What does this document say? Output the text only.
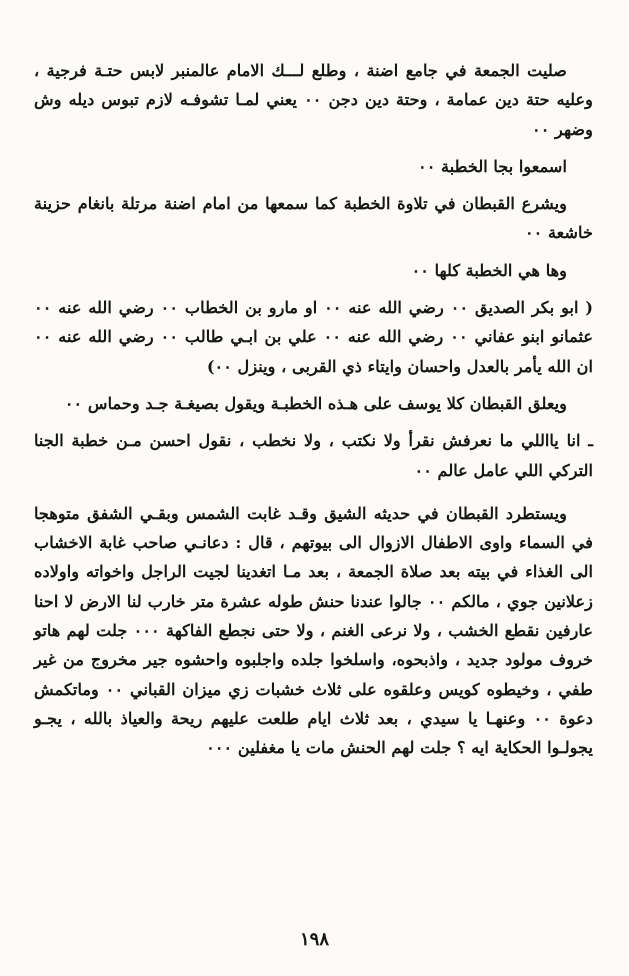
صليت الجمعة في جامع اضنة ، وطلع لـــك الامام عالمنبر لابس حتـة فرجية ، وعليه حتة دين عمامة ، وحتة دين دجن ٠٠ يعني لمـا تشوفـه لازم تبوس ديله وش وضهر ٠٠

اسمعوا بجا الخطبة ٠٠

ويشرع القبطان في تلاوة الخطبة كما سمعها من امام اضنة مرتلة بانغام حزينة خاشعة ٠٠

وها هي الخطبة كلها ٠٠

( ابو بكر الصديق ٠٠ رضي الله عنه ٠٠ او مارو بن الخطاب ٠٠ رضي الله عنه ٠٠ عثمانو ابنو عفاني ٠٠ رضي الله عنه ٠٠ علي بن ابـي طالب ٠٠ رضي الله عنه ٠٠ ان الله يأمر بالعدل واحسان وايتاء ذي القربى ، وينزل ٠٠)

ويعلق القبطان كلا يوسف على هـذه الخطبـة ويقول بصيغـة جـد وحماس ٠٠

ـ انا يااللي ما نعرفش نقرأ ولا نكتب ، ولا نخطب ، نقول احسن مـن خطبة الجنا التركي اللي عامل عالم ٠٠

ويستطرد القبطان في حديثه الشيق وقـد غابت الشمس وبقـي الشفق متوهجا في السماء واوى الاطفال الازوال الى بيوتهم ، قال : دعانـي صاحب غابة الاخشاب الى الغذاء في بيته بعد صلاة الجمعة ، بعد مـا اتغدينا لجيت الراجل واخواته واولاده زعلانين جوي ، مالكم ٠٠ جالوا عندنا حنش طوله عشرة متر خارب لنا الارض لا احنا عارفين نقطع الخشب ، ولا نرعى الغنم ، ولا حتى نجطع الفاكهة ٠٠٠ جلت لهم هاتو خروف مولود جديد ، واذبحوه، واسلخوا جلده واجلبوه واحشوه جير مخروج من غير طفي ، وخيطوه كويس وعلقوه على ثلاث خشبات زي ميزان القباني ٠٠ وماتكمش دعوة ٠٠ وعنهـا يا سيدي ، بعد ثلاث ايام طلعت عليهم ريحة والعياذ بالله ، يجـو يجولـوا الحكاية ايه ؟ جلت لهم الحنش مات يا مغفلين ٠٠٠

١٩٨
